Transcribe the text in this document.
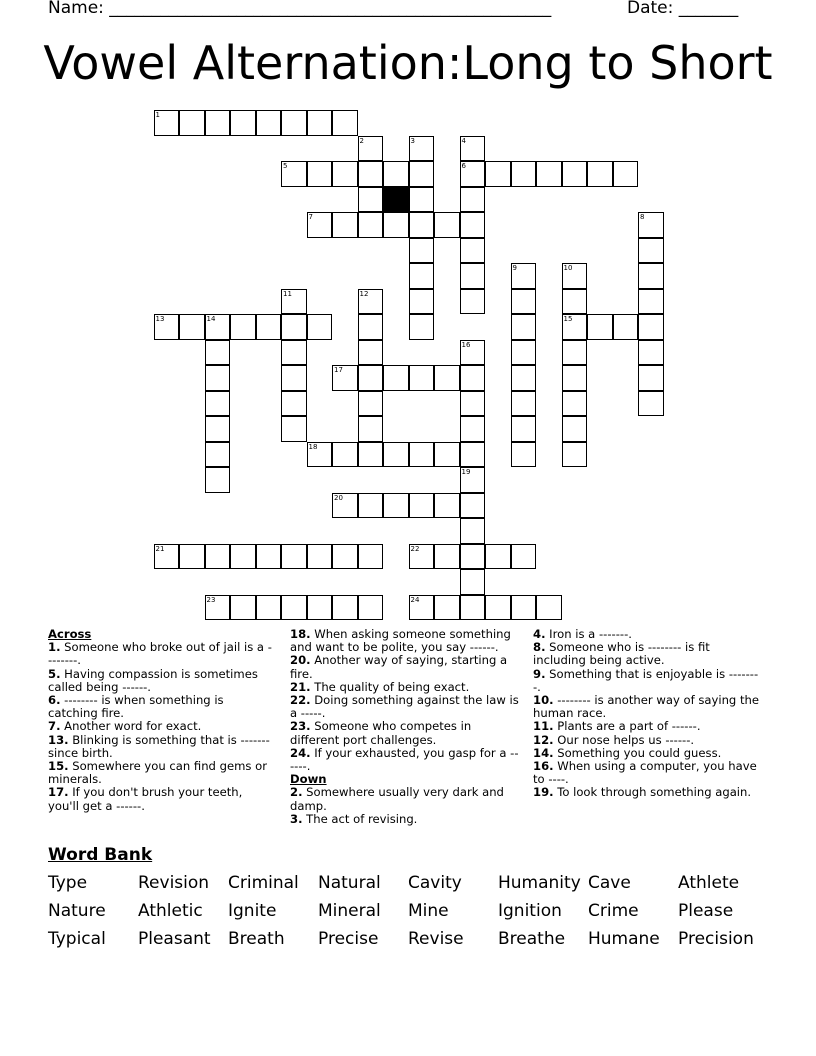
Name: ____________________________________________________	Date: _______
Vowel Alternation:Long to Short
1
2	3	4
5	6
7	8
9	10
11	12
13	14	15
16
17
18
19
20
21	22
23	24
Across
1. Someone who broke out of jail is a --------.
5. Having compassion is sometimes called being ------.
6. -------- is when something is catching fire.
7. Another word for exact.
13. Blinking is something that is ------- since birth.
15. Somewhere you can find gems or minerals.
17. If you don't brush your teeth, you'll get a ------.
18. When asking someone something and want to be polite, you say ------.
20. Another way of saying, starting a fire.
21. The quality of being exact.
22. Doing something against the law is a -----.
23. Someone who competes in different port challenges.
24. If your exhausted, you gasp for a ------.
Down
2. Somewhere usually very dark and damp.
3. The act of revising.
4. Iron is a -------.
8. Someone who is -------- is fit including being active.
9. Something that is enjoyable is --------.
10. -------- is another way of saying the human race.
11. Plants are a part of ------.
12. Our nose helps us ------.
14. Something you could guess.
16. When using a computer, you have to ----.
19. To look through something again.
Word Bank
Type	Revision Criminal Natural Cavity Humanity Cave	Athlete
Nature Athletic Ignite Mineral Mine	Ignition Crime Please
Typical Pleasant Breath Precise Revise Breathe Humane Precision
